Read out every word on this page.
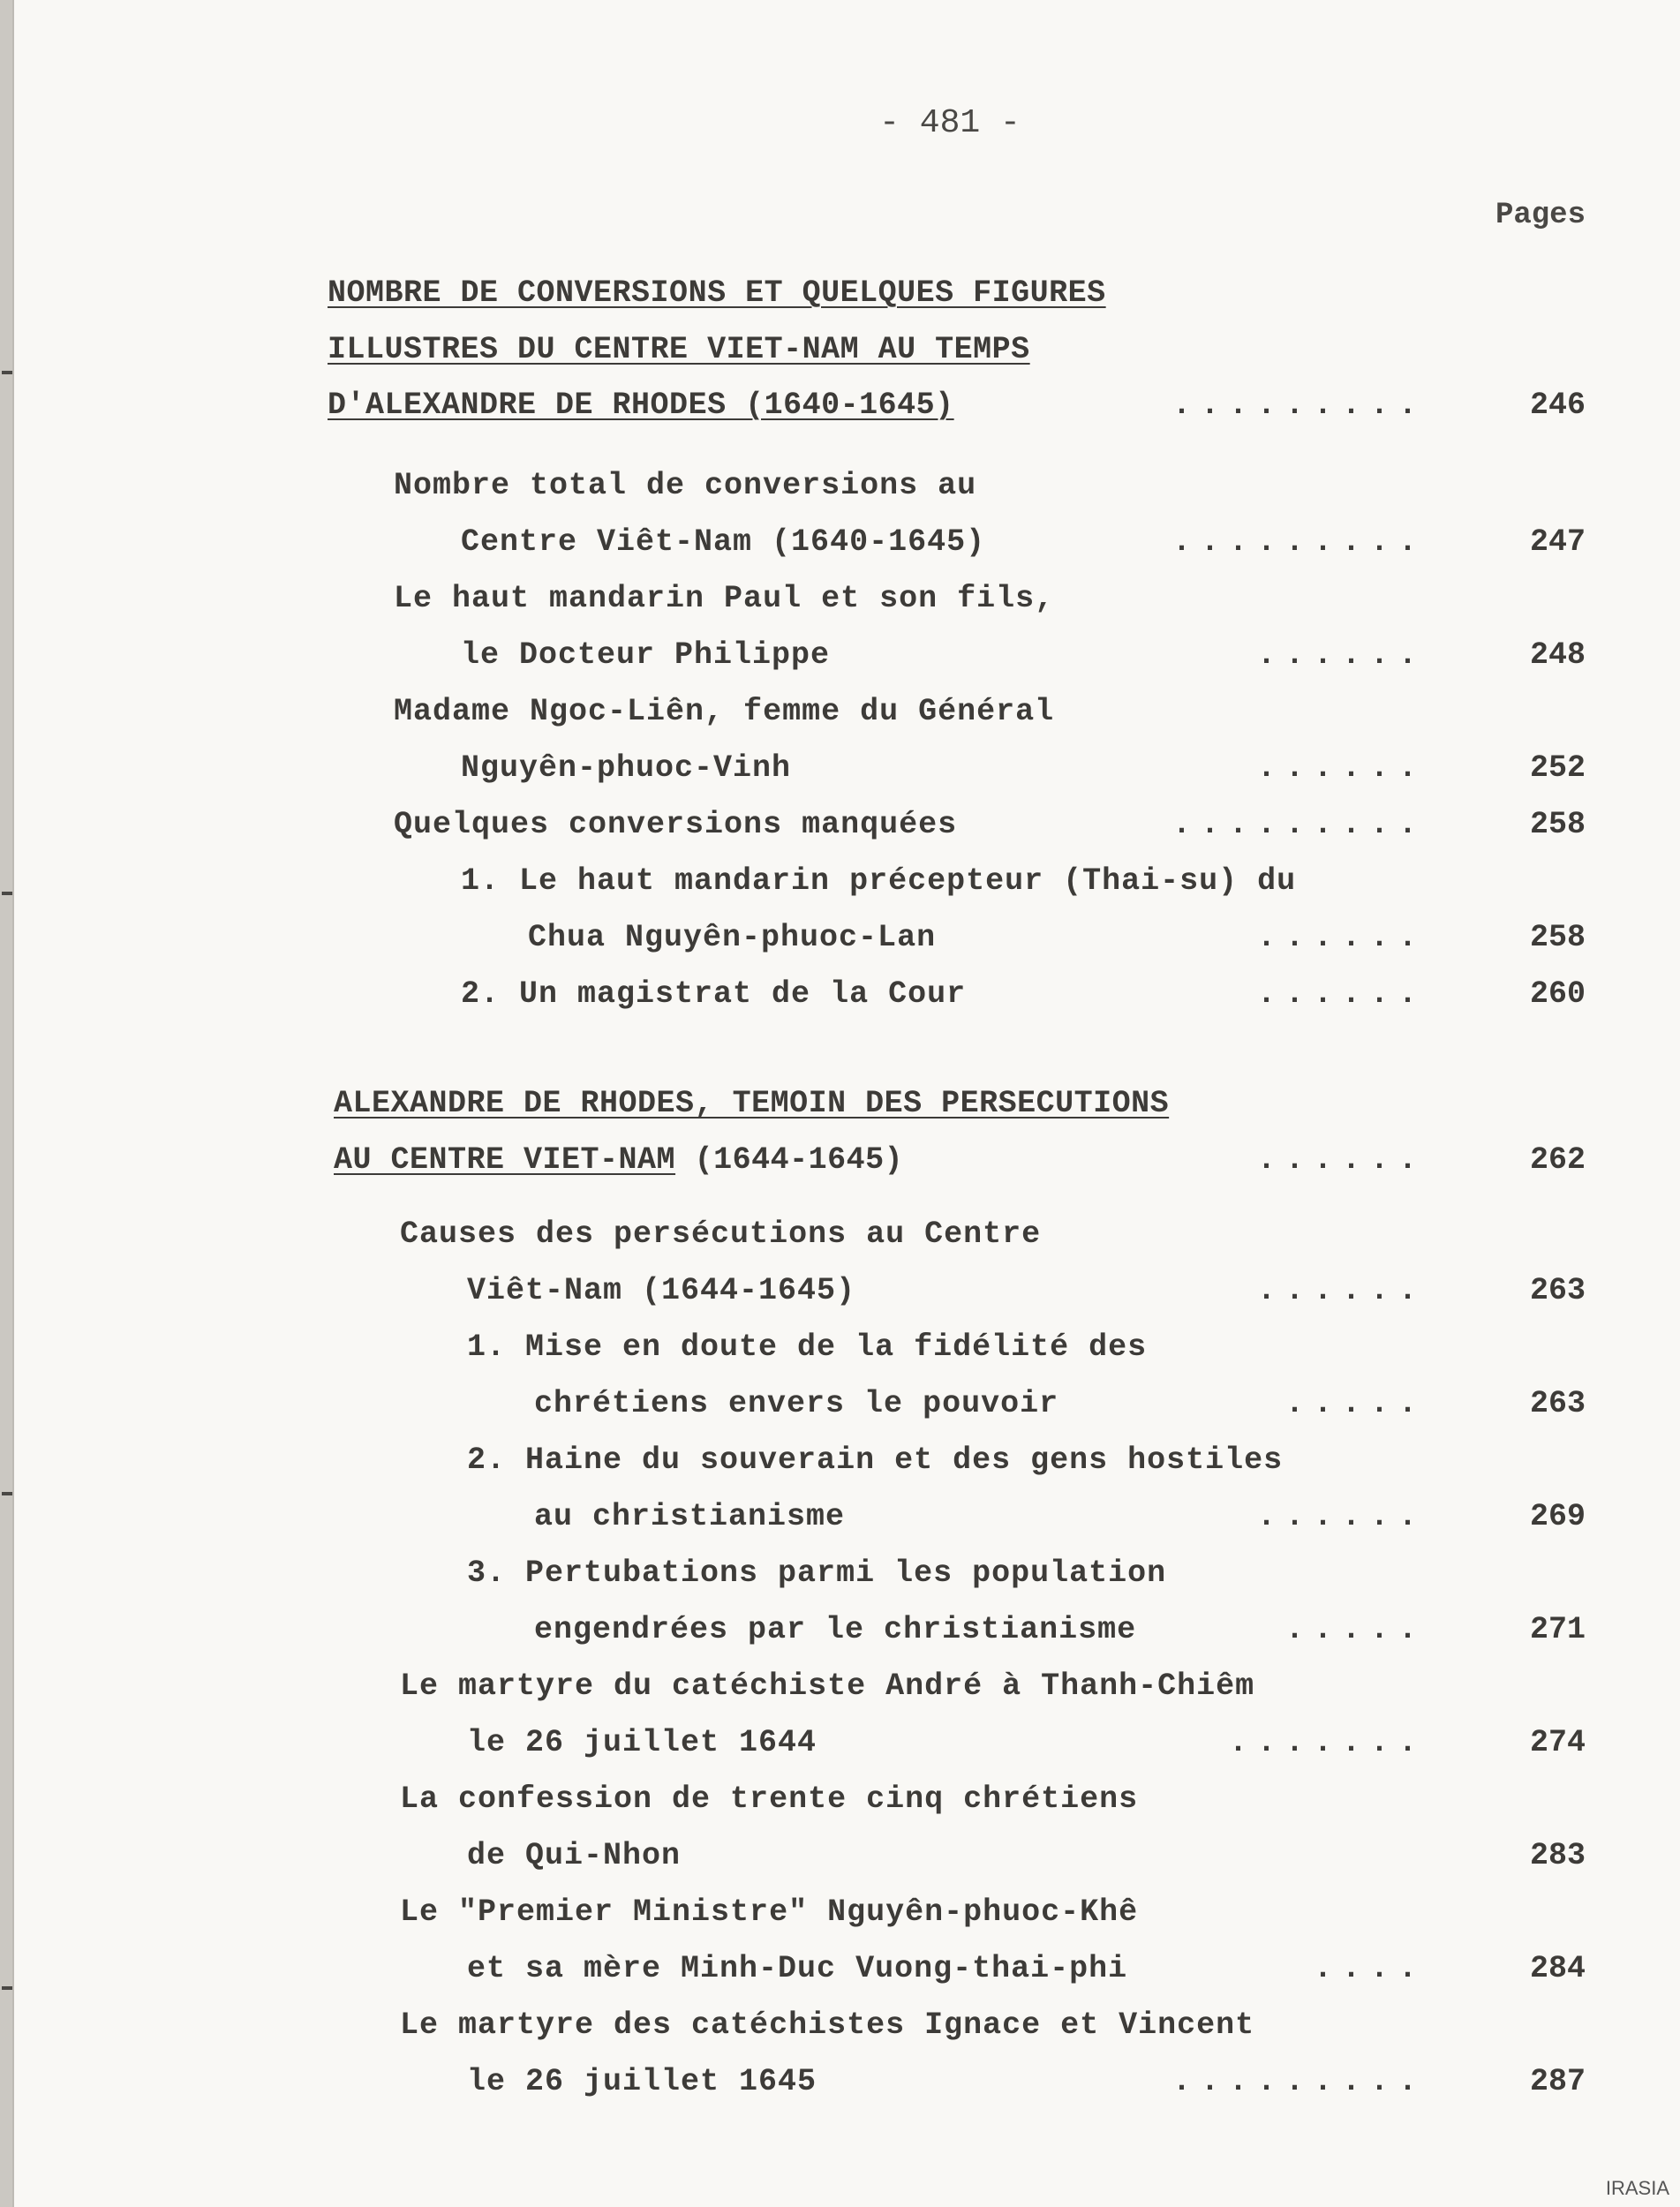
- 481 -
Pages
NOMBRE DE CONVERSIONS ET QUELQUES FIGURES
ILLUSTRES DU CENTRE VIET-NAM AU TEMPS
D'ALEXANDRE DE RHODES (1640-1645)	.........	246
Nombre total de conversions au
Centre Viêt-Nam (1640-1645)	.........	247
Le haut mandarin Paul et son fils,
le Docteur Philippe	......	248
Madame Ngoc-Liên, femme du Général
Nguyên-phuoc-Vinh	......	252
Quelques conversions manquées	.........	258
1. Le haut mandarin précepteur (Thai-su) du
Chua Nguyên-phuoc-Lan	......	258
2. Un magistrat de la Cour	......	260
ALEXANDRE DE RHODES, TEMOIN DES PERSECUTIONS
AU CENTRE VIET-NAM (1644-1645)	......	262
Causes des persécutions au Centre
Viêt-Nam (1644-1645)	......	263
1. Mise en doute de la fidélité des
chrétiens envers le pouvoir	.....	263
2. Haine du souverain et des gens hostiles
au christianisme	......	269
3. Pertubations parmi les population
engendrées par le christianisme	.....	271
Le martyre du catéchiste André à Thanh-Chiêm
le 26 juillet 1644	.......	274
La confession de trente cinq chrétiens
de Qui-Nhon	283
Le "Premier Ministre" Nguyên-phuoc-Khê
et sa mère Minh-Duc Vuong-thai-phi	....	284
Le martyre des catéchistes Ignace et Vincent
le 26 juillet 1645	.........	287
IRASIA
